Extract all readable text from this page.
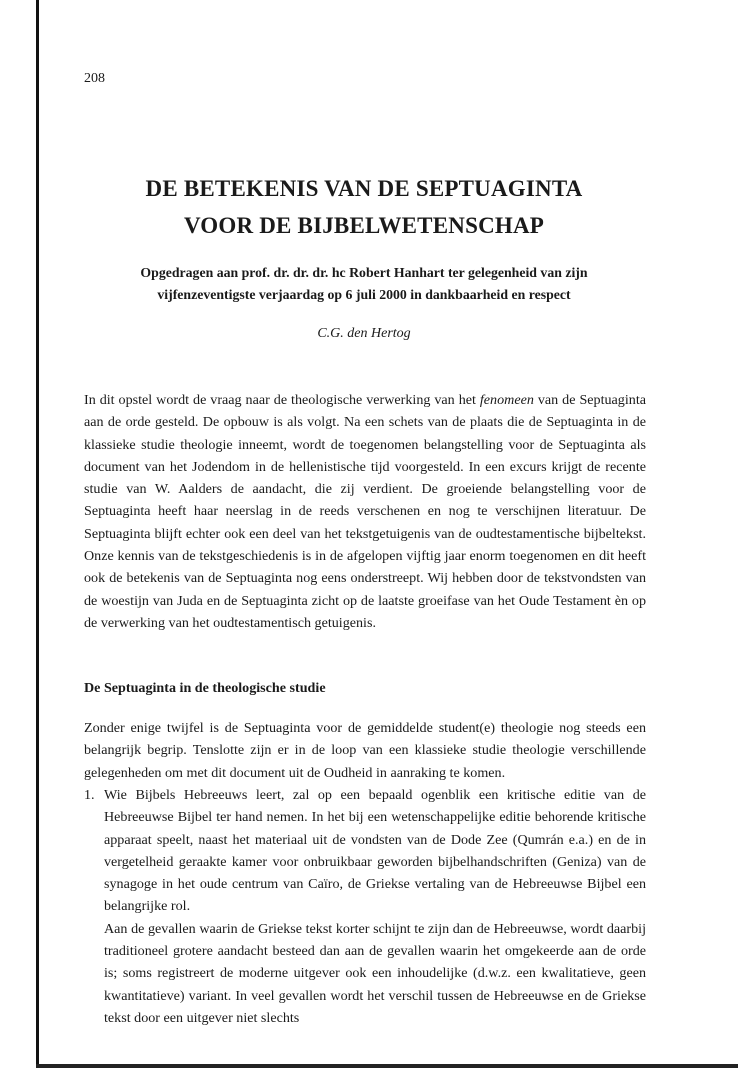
208
DE BETEKENIS VAN DE SEPTUAGINTA
VOOR DE BIJBELWETENSCHAP
Opgedragen aan prof. dr. dr. dr. hc Robert Hanhart ter gelegenheid van zijn
vijfenzeventigste verjaardag op 6 juli 2000 in dankbaarheid en respect
C.G. den Hertog

In dit opstel wordt de vraag naar de theologische verwerking van het fenomeen van de Septuaginta aan de orde gesteld. De opbouw is als volgt. Na een schets van de plaats die de Septuaginta in de klassieke studie theologie inneemt, wordt de toegenomen belangstelling voor de Septuaginta als document van het Jodendom in de hellenistische tijd voorgesteld. In een excurs krijgt de recente studie van W. Aalders de aandacht, die zij verdient. De groeiende belangstelling voor de Septuaginta heeft haar neerslag in de reeds verschenen en nog te verschijnen literatuur. De Septuaginta blijft echter ook een deel van het tekstgetuigenis van de oudtestamentische bijbeltekst. Onze kennis van de tekstgeschiedenis is in de afgelopen vijftig jaar enorm toegenomen en dit heeft ook de betekenis van de Septuaginta nog eens onderstreept. Wij hebben door de tekstvondsten van de woestijn van Juda en de Septuaginta zicht op de laatste groeifase van het Oude Testament èn op de verwerking van het oudtestamentisch getuigenis.

De Septuaginta in de theologische studie

Zonder enige twijfel is de Septuaginta voor de gemiddelde student(e) theologie nog steeds een belangrijk begrip. Tenslotte zijn er in de loop van een klassieke studie theologie verschillende gelegenheden om met dit document uit de Oudheid in aanraking te komen.

1. Wie Bijbels Hebreeuws leert, zal op een bepaald ogenblik een kritische editie van de Hebreeuwse Bijbel ter hand nemen. In het bij een wetenschappelijke editie behorende kritische apparaat speelt, naast het materiaal uit de vondsten van de Dode Zee (Qumrán e.a.) en de in vergetelheid geraakte kamer voor onbruikbaar geworden bijbelhandschriften (Geniza) van de synagoge in het oude centrum van Caïro, de Griekse vertaling van de Hebreeuwse Bijbel een belangrijke rol.

Aan de gevallen waarin de Griekse tekst korter schijnt te zijn dan de Hebreeuwse, wordt daarbij traditioneel grotere aandacht besteed dan aan de gevallen waarin het omgekeerde aan de orde is; soms registreert de moderne uitgever ook een inhoudelijke (d.w.z. een kwalitatieve, geen kwantitatieve) variant. In veel gevallen wordt het verschil tussen de Hebreeuwse en de Griekse tekst door een uitgever niet slechts
